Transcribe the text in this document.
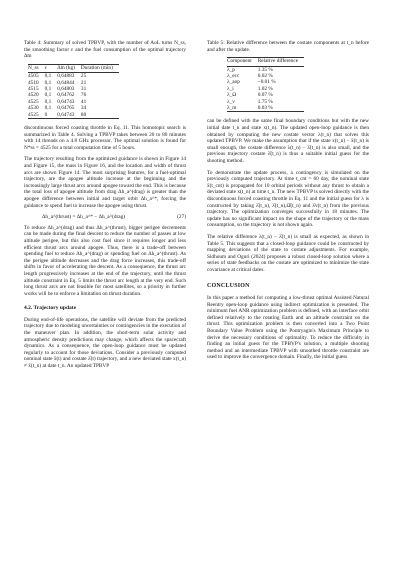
Table 4: Summary of solved TPBVP, with the number of AoL turns N_ss, the smoothing factor ε and the fuel consumption of the optimal trajectory Δm

N_ss	ε	Δm (kg)	Duration (min)
4505	0,1	0,64883	25
4510	0,1	0,64844	21
4515	0,1	0,64803	31
4520	0,1	0,64762	76
4525	0,1	0,64743	41
4530	0,1	0,64765	34
4525	0	0,64743	80

discontinuous forced coasting throttle in Eq. 11. This homotopic search is summarized in Table 4. Solving a TPBVP takes between 20 to 80 minutes with 14 threads on a 4.8 GHz processor. The optimal solution is found for N*ss = 4525 for a total computation time of 5 hours.

The trajectory resulting from the optimized guidance is shown in Figure 14 and Figure 15, the mass in Figure 16, and the location and width of thrust arcs are shown Figure 14. The most surprising features, for a fuel-optimal trajectory, are the apogee altitude increase at the beginning and the increasingly large thrust arcs around apogee toward the end. This is because the total loss of apogee altitude from drag Δh_a^(drag) is greater than the apogee difference between initial and target orbit Δh_a^*, forcing the guidance to spend fuel to increase the apogee using thrust.

Δh_a^(thrust) = Δh_a^* − Δh_a^(drag)	(27)

To reduce Δh_a^(drag) and thus Δh_a^(thrust), bigger perigee decrements can be made during the final descent to reduce the number of passes at low altitude perigee, but this also cost fuel since it requires longer and less efficient thrust arcs around apogee. Thus, there is a trade-off between spending fuel to reduce Δh_a^(drag) or spending fuel on Δh_a^(thrust). As the perigee altitude decreases and the drag force increases, this trade-off shifts in favor of accelerating the descent. As a consequence, the thrust arc length progressively increases at the end of the trajectory, until the thrust altitude constraint in Eq. 5 limits the thrust arc length at the very end. Such long thrust arcs are not feasible for most satellites, so a priority in further works will be to enforce a limitation on thrust duration.

4.2. Trajectory update

During end-of-life operations, the satellite will deviate from the predicted trajectory due to modeling uncertainties or contingencies in the execution of the maneuver plan. In addition, the short-term solar activity and atmospheric density predictions may change, which affects the spacecraft dynamics. As a consequence, the open-loop guidance must be updated regularly to account for those deviations. Consider a previously computed nominal state x̄(t) and costate λ̄(t) trajectory, and a new deviated state x(t_n) ≠ x̄(t_n) at date t_n. An updated TPBVP

Table 5: Relative difference between the costate components at t_n before and after the update.

Component	Relative difference
λ_p	1.35 %
λ_ecc	0.02 %
λ_aop	−0.01 %
λ_i	1.02 %
λ_Ω	0.07 %
λ_v	1.75 %
λ_m	0.03 %

can be defined with the same final boundary conditions but with the new initial date t_n and state x(t_n). The updated open-loop guidance is then obtained by computing the new costate vector λ(t_n) that solves this updated TPBVP. We make the assumption that if the state x(t_n) − x̄(t_n) is small enough, the costate difference λ(t_n) − λ̄(t_n) is also small, and the previous trajectory costate λ̄(t_n) is thus a suitable initial guess for the shooting method.

To demonstrate the update process, a contingency is simulated on the previously computed trajectory. At time t_cnt = 60 day, the nominal state x̄(t_cnt) is propagated for 10 orbital periods without any thrust to obtain a deviated state x(t_n) at time t_n. The new TPBVP is solved directly with the discontinuous forced coasting throttle in Eq. 11 and the initial guess for λ is constructed by taking λ̄(t_n), λ̄(t_n),Ω̄(t_n) and λ̄v(t_n) from the previous trajectory. The optimization converges successfully in 18 minutes. The update has no significant impact on the shape of the trajectory or the mass consumption, so the trajectory is not shown again.

The relative difference λ(t_n) − λ̄(t_n) is small as expected, as shown in Table 5. This suggests that a closed-loop guidance could be constructed by mapping deviations of the state to costate adjustments. For example, Sidhoum and Oguri (2024) proposes a robust closed-loop solution where a series of state feedbacks on the costate are optimized to minimize the state covariance at critical dates.

CONCLUSION

In this paper a method for computing a low-thrust optimal Assisted Natural Reentry open-loop guidance using indirect optimization is presented. The minimum fuel ANR optimization problem is defined, with an interface orbit defined relatively to the rotating Earth and an altitude constraint on the thrust. This optimization problem is then converted into a Two Point Boundary Value Problem using the Pontryagin's Maximum Principle to derive the necessary conditions of optimality. To reduce the difficulty in finding an initial guess for the TPBVP's solution, a multiple shooting method and an intermediate TPBVP with smoothed throttle constraint are used to improve the convergence domain. Finally, the initial guess
